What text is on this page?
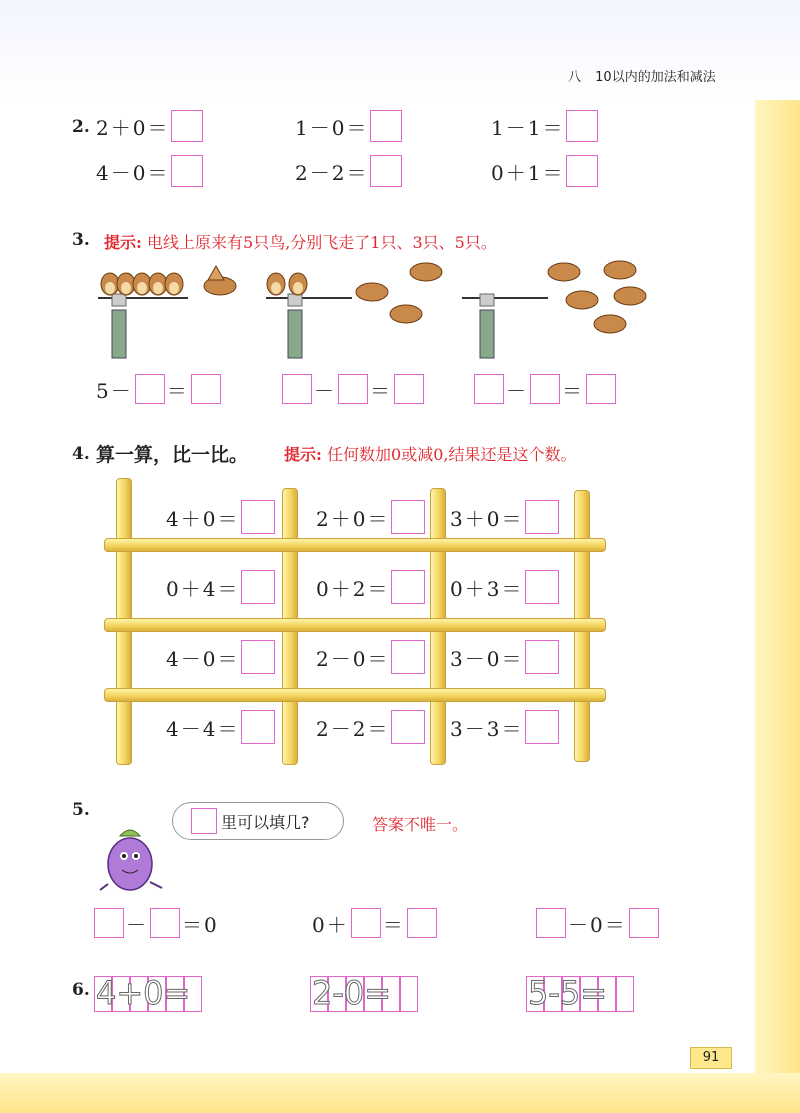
八 10以内的加法和减法
2. 2＋0＝	1－0＝	1－1＝
4－0＝	2－2＝	0＋1＝
3. 提示: 电线上原来有5只鸟,分别飞走了1只、3只、5只。
5－ ＝	－ ＝	－ ＝
4. 算一算，比一比。 提示: 任何数加0或减0,结果还是这个数。
4＋0＝	2＋0＝	3＋0＝
0＋4＝	0＋2＝	0＋3＝
4－0＝	2－0＝	3－0＝
4－4＝	2－2＝	3－3＝
5.
里可以填几?	答案不唯一。
－ ＝0	0＋ ＝	－0＝
6. 4+0=	2-0=	5-5=
91
